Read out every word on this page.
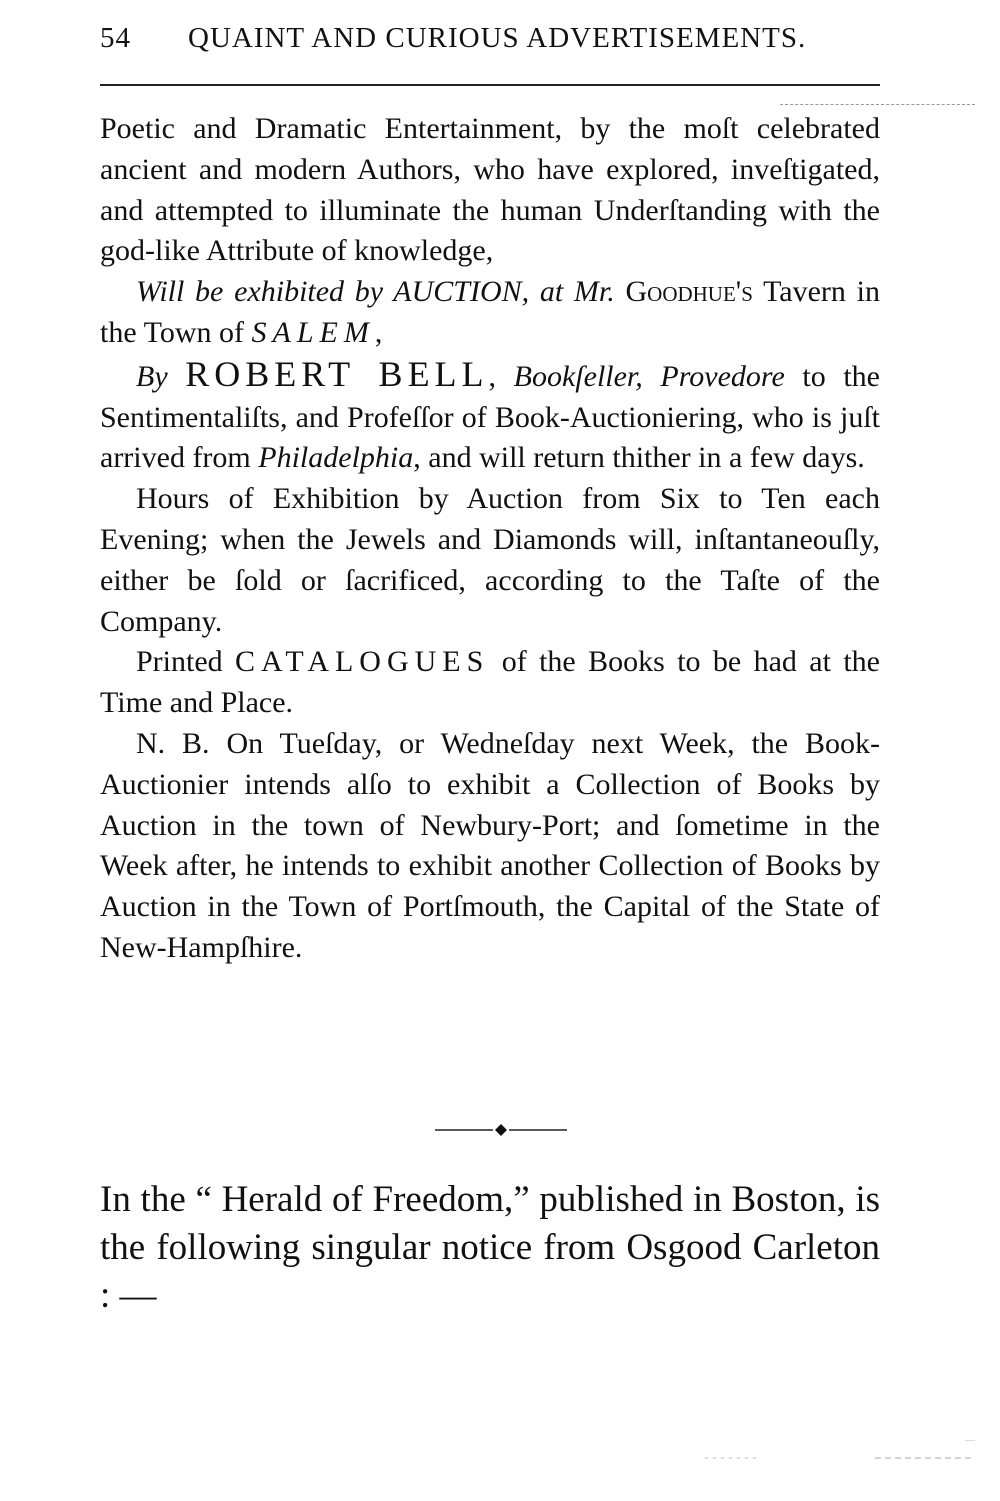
54 QUAINT AND CURIOUS ADVERTISEMENTS.

Poetic and Dramatic Entertainment, by the moſt celebrated ancient and modern Authors, who have explored, inveſtigated, and attempted to illuminate the human Underſtanding with the god-like Attribute of knowledge,

Will be exhibited by AUCTION, at Mr. Goodhue's Tavern in the Town of SALEM,

By ROBERT BELL, Bookſeller, Provedore to the Sentimentaliſts, and Profeſſor of Book-Auctioniering, who is juſt arrived from Philadelphia, and will return thither in a few days.

Hours of Exhibition by Auction from Six to Ten each Evening; when the Jewels and Diamonds will, inſtantaneouſly, either be ſold or ſacrificed, according to the Taſte of the Company.

Printed CATALOGUES of the Books to be had at the Time and Place.

N. B. On Tueſday, or Wedneſday next Week, the Book-Auctionier intends alſo to exhibit a Collection of Books by Auction in the town of Newbury-Port; and ſometime in the Week after, he intends to exhibit another Collection of Books by Auction in the Town of Portſmouth, the Capital of the State of New-Hampſhire.

In the “ Herald of Freedom,” published in Boston, is the following singular notice from Osgood Carleton : —
